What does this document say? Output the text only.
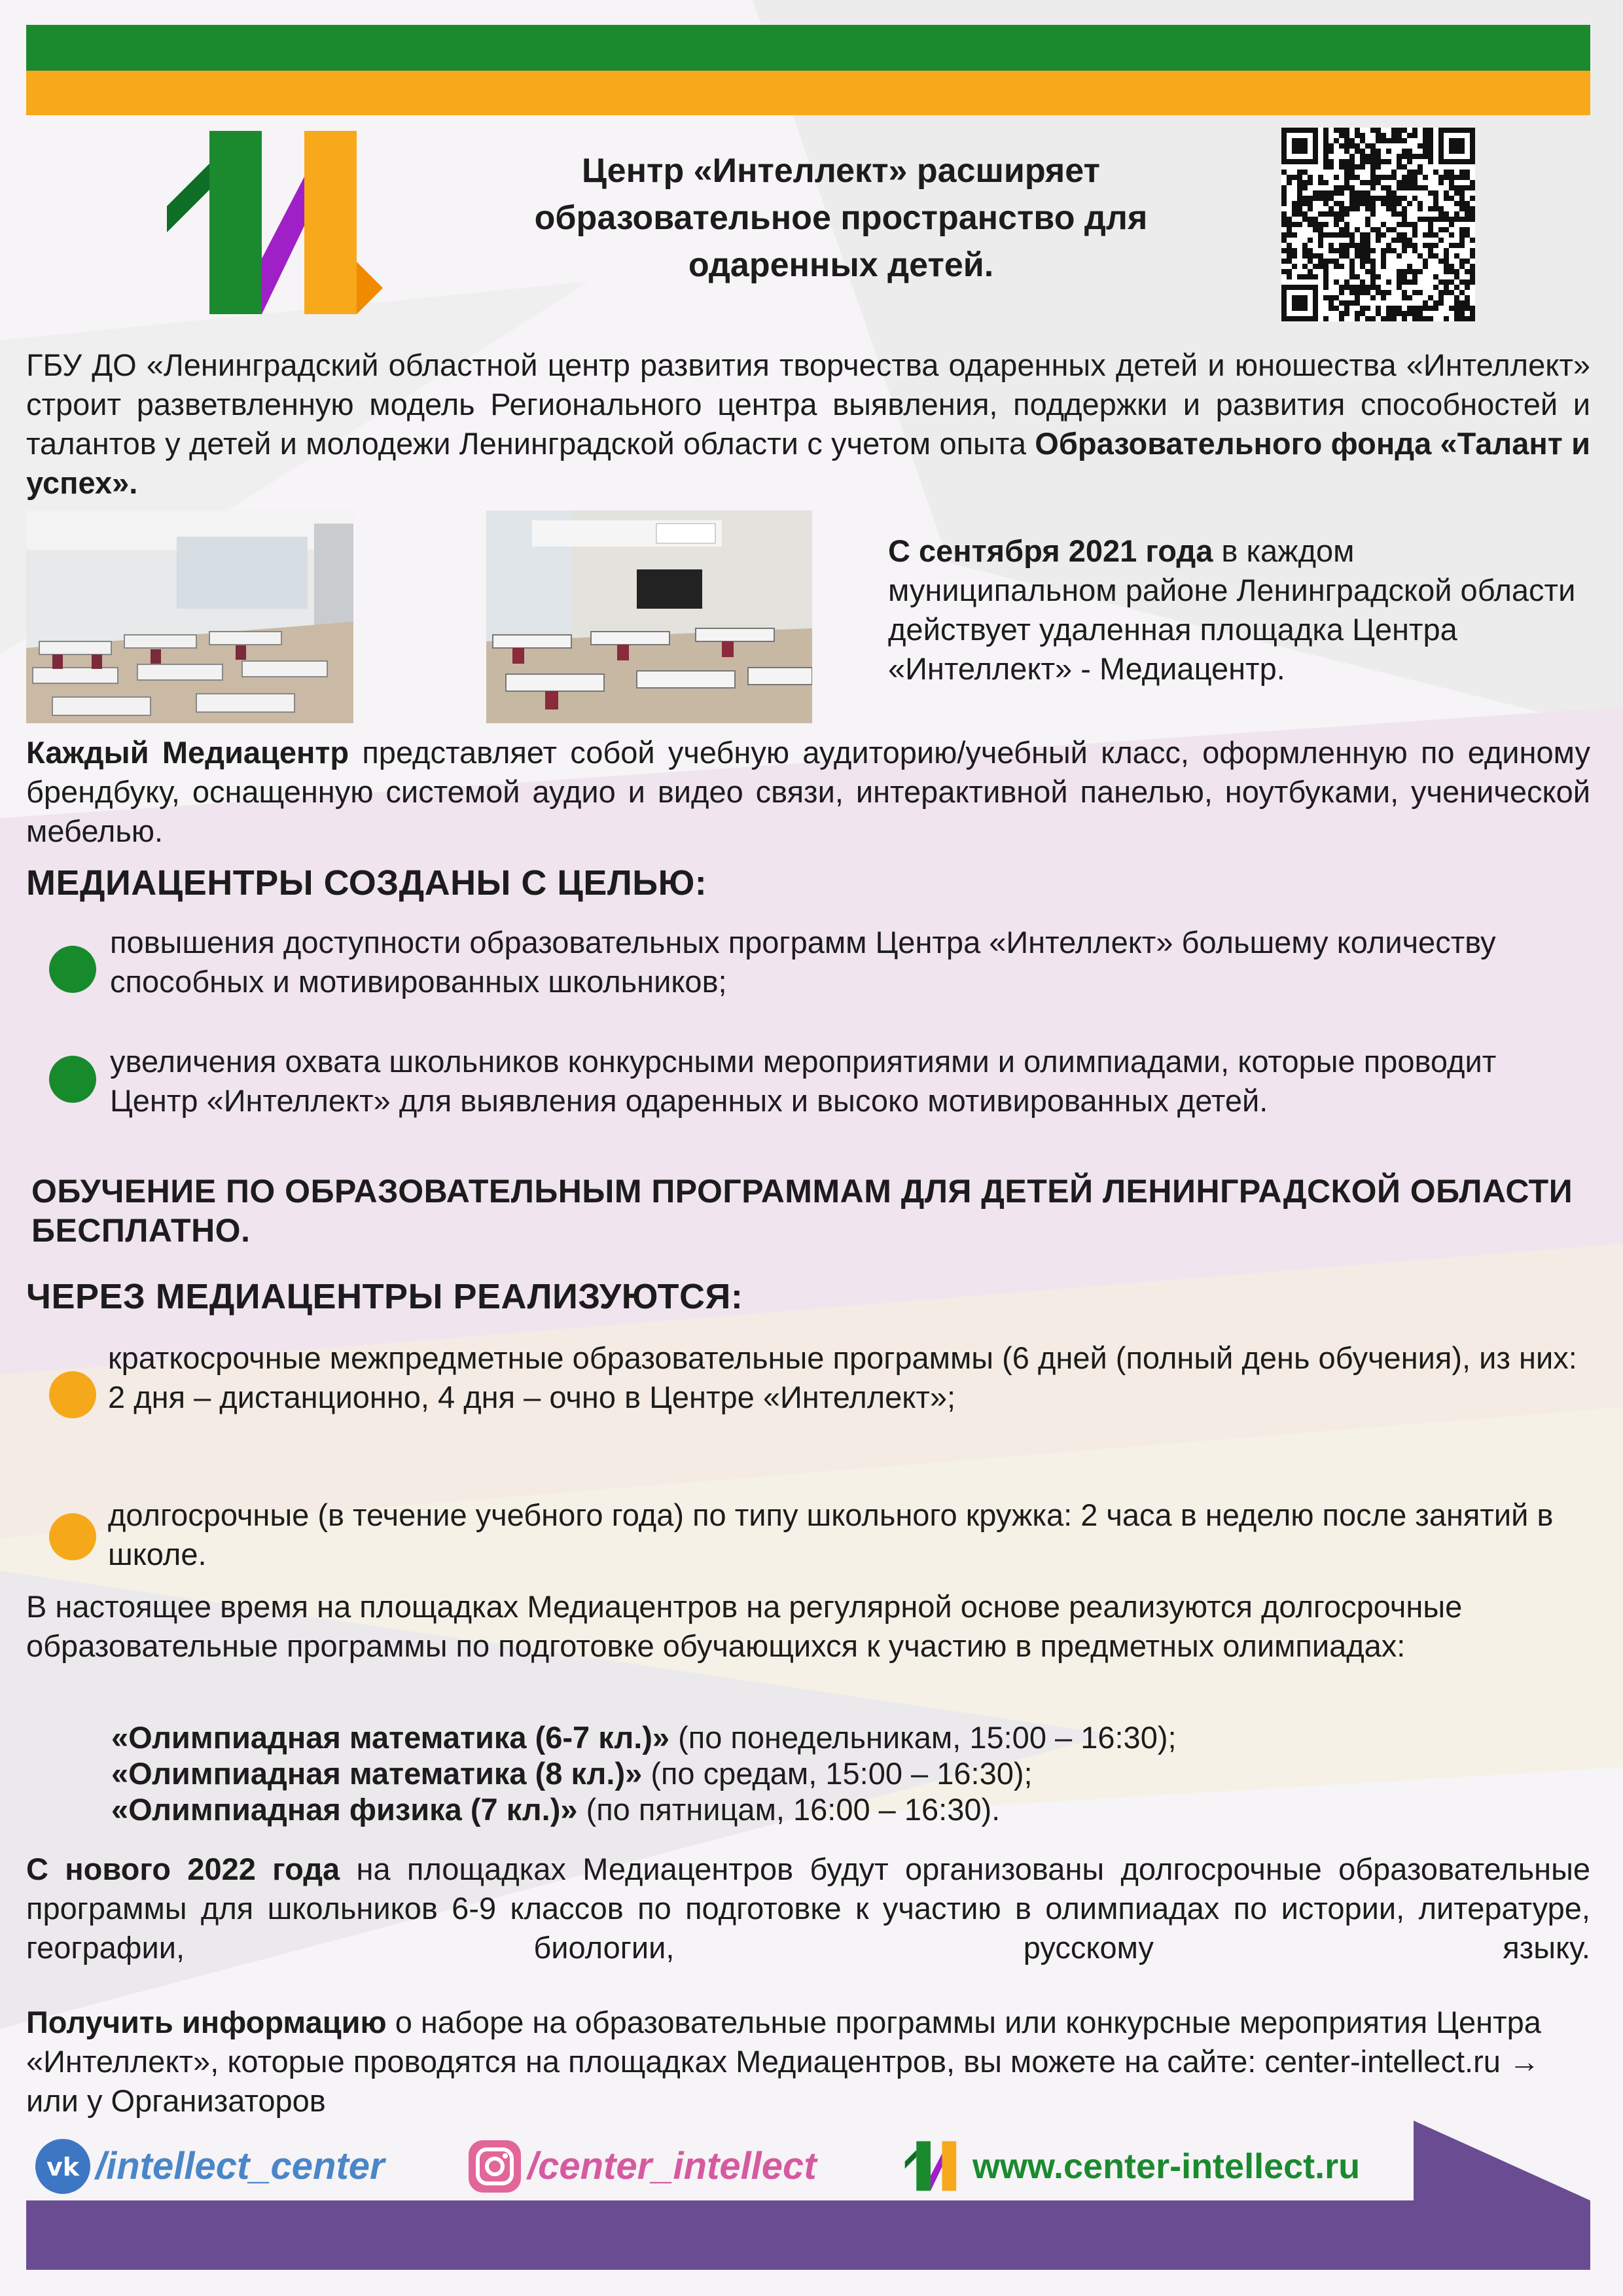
Центр «Интеллект» расширяет образовательное пространство для одаренных детей.
ГБУ ДО «Ленинградский областной центр развития творчества одаренных детей и юношества «Интеллект» строит разветвленную модель Регионального центра выявления, поддержки и развития способностей и талантов у детей и молодежи Ленинградской области с учетом опыта Образовательного фонда «Талант и успех».
С сентября 2021 года в каждом муниципальном районе Ленинградской области действует удаленная площадка Центра «Интеллект» - Медиацентр.
Каждый Медиацентр представляет собой учебную аудиторию/учебный класс, оформленную по единому брендбуку, оснащенную системой аудио и видео связи, интерактивной панелью, ноутбуками, ученической мебелью.
МЕДИАЦЕНТРЫ СОЗДАНЫ С ЦЕЛЬЮ:
повышения доступности образовательных программ Центра «Интеллект» большему количеству способных и мотивированных школьников;
увеличения охвата школьников конкурсными мероприятиями и олимпиадами, которые проводит Центр «Интеллект» для выявления одаренных и высоко мотивированных детей.
ОБУЧЕНИЕ ПО ОБРАЗОВАТЕЛЬНЫМ ПРОГРАММАМ ДЛЯ ДЕТЕЙ ЛЕНИНГРАДСКОЙ ОБЛАСТИ БЕСПЛАТНО.
ЧЕРЕЗ МЕДИАЦЕНТРЫ РЕАЛИЗУЮТСЯ:
краткосрочные межпредметные образовательные программы (6 дней (полный день обучения), из них: 2 дня – дистанционно, 4 дня – очно в Центре «Интеллект»;
долгосрочные (в течение учебного года) по типу школьного кружка: 2 часа в неделю после занятий в школе.
В настоящее время на площадках Медиацентров на регулярной основе реализуются долгосрочные образовательные программы по подготовке обучающихся к участию в предметных олимпиадах:
«Олимпиадная математика (6-7 кл.)» (по понедельникам, 15:00 – 16:30);
«Олимпиадная математика (8 кл.)» (по средам, 15:00 – 16:30);
«Олимпиадная физика (7 кл.)» (по пятницам, 16:00 – 16:30).
С нового 2022 года на площадках Медиацентров будут организованы долгосрочные образовательные программы для школьников 6-9 классов по подготовке к участию в олимпиадах по истории, литературе, географии, биологии, русскому языку.
Получить информацию о наборе на образовательные программы или конкурсные мероприятия Центра «Интеллект», которые проводятся на площадках Медиацентров, вы можете на сайте: center-intellect.ru → или у Организаторов
vk /intellect_center	/center_intellect	www.center-intellect.ru
